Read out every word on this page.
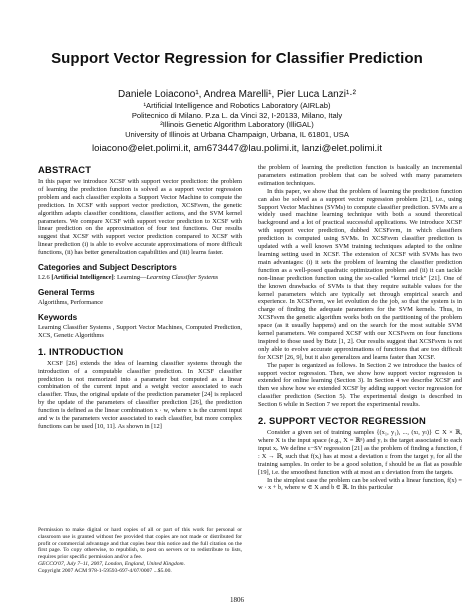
Support Vector Regression for Classifier Prediction
Daniele Loiacono¹, Andrea Marelli¹, Pier Luca Lanzi¹·²
¹Artificial Intelligence and Robotics Laboratory (AIRLab)
Politecnico di Milano. P.za L. da Vinci 32, I-20133, Milano, Italy
²Illinois Genetic Algorithm Laboratory (IlliGAL)
University of Illinois at Urbana Champaign, Urbana, IL 61801, USA
loiacono@elet.polimi.it, am673447@lau.polimi.it, lanzi@elet.polimi.it
ABSTRACT

In this paper we introduce XCSF with support vector prediction: the problem of learning the prediction function is solved as a support vector regression problem and each classifier exploits a Support Vector Machine to compute the prediction. In XCSF with support vector prediction, XCSFsvm, the genetic algorithm adapts classifier conditions, classifier actions, and the SVM kernel parameters. We compare XCSF with support vector prediction to XCSF with linear prediction on the approximation of four test functions. Our results suggest that XCSF with support vector prediction compared to XCSF with linear prediction (i) is able to evolve accurate approximations of more difficult functions, (ii) has better generalization capabilities and (iii) learns faster.

Categories and Subject Descriptors

I.2.6 [Artificial Intelligence]: Learning—Learning Classifier Systems

General Terms

Algorithms, Performance

Keywords

Learning Classifier Systems , Support Vector Machines, Computed Prediction, XCS, Genetic Algorithms

1. INTRODUCTION

XCSF [26] extends the idea of learning classifier systems through the introduction of a computable classifier prediction. In XCSF classifier prediction is not memorized into a parameter but computed as a linear combination of the current input and a weight vector associated to each classifier. Thus, the original update of the prediction parameter [24] is replaced by the update of the parameters of classifier prediction [26], the prediction function is defined as the linear combination x · w, where x is the current input and w is the parameters vector associated to each classifier, but more complex functions can be used [10, 11]. As shown in [12]

Permission to make digital or hard copies of all or part of this work for personal or classroom use is granted without fee provided that copies are not made or distributed for profit or commercial advantage and that copies bear this notice and the full citation on the first page. To copy otherwise, to republish, to post on servers or to redistribute to lists, requires prior specific permission and/or a fee.

GECCO'07, July 7–11, 2007, London, England, United Kingdom.

Copyright 2007 ACM 978-1-59593-697-4/07/0007 ...$5.00.

the problem of learning the prediction function is basically an incremental parameters estimation problem that can be solved with many parameters estimation techniques.

In this paper, we show that the problem of learning the prediction function can also be solved as a support vector regression problem [21], i.e., using Support Vector Machines (SVMs) to compute classifier prediction. SVMs are a widely used machine learning technique with both a sound theoretical background and a lot of practical successful applications. We introduce XCSF with support vector prediction, dubbed XCSFsvm, in which classifiers prediction is computed using SVMs. In XCSFsvm classifier prediction is updated with a well known SVM training techniques adapted to the online learning setting used in XCSF. The extension of XCSF with SVMs has two main advantages: (i) it sets the problem of learning the classifier prediction function as a well-posed quadratic optimization problem and (ii) it can tackle non-linear prediction function using the so-called “kernel trick” [21]. One of the known drawbacks of SVMs is that they require suitable values for the kernel parameters which are typically set through empirical search and experience. In XCSFsvm, we let evolution do the job, so that the system is in charge of finding the adequate parameters for the SVM kernels. Thus, in XCSFsvm the genetic algorithm works both on the partitioning of the problem space (as it usually happens) and on the search for the most suitable SVM kernel parameters. We compared XCSF with our XCSFsvm on four functions inspired to those used by Butz [1, 2]. Our results suggest that XCSFsvm is not only able to evolve accurate approximations of functions that are too difficult for XCSF [26, 9], but it also generalizes and learns faster than XCSF.

The paper is organized as follows. In Section 2 we introduce the basics of support vector regression. Then, we show how support vector regression is extended for online learning (Section 3). In Section 4 we describe XCSF and then we show how we extended XCSF by adding support vector regression for classifier prediction (Section 5). The experimental design is described in Section 6 while in Section 7 we report the experimental results.

2. SUPPORT VECTOR REGRESSION

Consider a given set of training samples {(x₁, y₁), ..., (xₗ, yₗ)} ⊂ X × ℝ, where X is the input space (e.g., X = ℝⁿ) and yᵢ is the target associated to each input xᵢ. We define ε−SV regression [21] as the problem of finding a function, f : X → ℝ, such that f(xᵢ) has at most a deviation ε from the target yᵢ for all the training samples. In order to be a good solution, f should be as flat as possible [19], i.e. the smoothest function with at most an ε deviation from the targets.

In the simplest case the problem can be solved with a linear function, f(x) = w · x + b, where w ∈ X and b ∈ ℝ. In this particular

1806
